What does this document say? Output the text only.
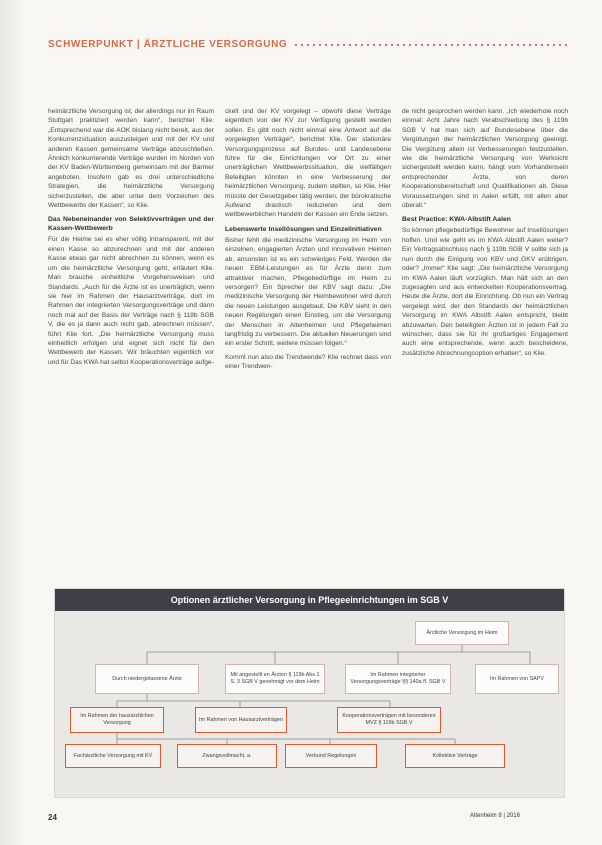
SCHWERPUNKT | ÄRZTLICHE VERSORGUNG

heimärztliche Versorgung ist, der allerdings nur im Raum Stuttgart praktiziert werden kann“, berichtet Klie. „Entsprechend war die AOK bislang nicht bereit, aus der Konkurrenzsituation auszusteigen und mit der KV und anderen Kassen gemeinsame Verträge abzuschließen. Ähnlich konkurrierende Verträge wurden im Norden von der KV Baden-Württemberg gemeinsam mit der Barmer angeboten. Insofern gab es drei unterschiedliche Strategien, die heimärztliche Versorgung sicherzustellen, die aber unter dem Vorzeichen des Wettbewerbs der Kassen“, so Klie.

Das Nebeneinander von Selektivverträgen und der Kassen-Wettbewerb

Für die Heime sei es eher völlig intransparent, mit der einen Kasse so abzurechnen und mit der anderen Kasse etwas gar nicht abrechnen zu können, wenn es um die heimärztliche Versorgung geht, erläutert Klie. Man brauche einheitliche Vorgehensweisen und Standards. „Auch für die Ärzte ist es unerträglich, wenn sie hier im Rahmen der Hausarztverträge, dort im Rahmen der integrierten Versorgungsverträge und dann noch mal auf der Basis der Verträge nach § 119b SGB V, die es ja dann auch nicht gab, abrechnen müssen“, führt Klie fort. „Die heimärztliche Versorgung muss einheitlich erfolgen und eignet sich nicht für den Wettbewerb der Kassen. Wir bräuchten eigentlich vor und für Das KWA hat selbst Kooperationsverträge aufge-

ckelt und der KV vorgelegt – obwohl diese Verträge eigentlich von der KV zur Verfügung gestellt werden sollen. Es gibt noch nicht einmal eine Antwort auf die vorgelegten Verträge!“, berichtet Klie. Der stationäre Versorgungsprozess auf Bundes- und Landesebene führe für die Einrichtungen vor Ort zu einer unerträglichen Wettbewerbssituation, die vielfältigen Beteiligten könnten in eine Verbesserung der heimärztlichen Versorgung, zudem stellten, so Klie. Hier müsste der Gesetzgeber tätig werden, der bürokratische Aufwand drastisch reduzieren und dem wettbewerblichen Handeln der Kassen ein Ende setzen.

Lebenswerte Insellösungen und Einzelinitiativen

Bisher fehlt die medizinische Versorgung im Heim von einzelnen, engagierten Ärzten und innovativen Heimen ab, ansonsten ist es ein schwieriges Feld. Werden die neuen EBM-Leistungen es für Ärzte denn zum attraktiver machen, Pflegebedürftige im Heim zu versorgen? Ein Sprecher der KBV sagt dazu: „Die medizinische Versorgung der Heimbewohner wird durch die neuen Leistungen ausgebaut. Die KBV sieht in den neuen Regelungen einen Einstieg, um die Versorgung der Menschen in Altenheimen und Pflegeheimen langfristig zu verbessern. Die aktuellen Neuerungen sind ein erster Schritt, weitere müssen folgen.“

Kommt nun also die Trendwende? Klie rechnet dass von einer Trendwen-

de nicht gesprochen werden kann. „Ich wiederhole noch einmal: Acht Jahre nach Verabschiedung des § 119b SGB V hat man sich auf Bundesebene über die Vergütungen der heimärztlichen Versorgung geeinigt. Die Vergütung allein ist Verbesserungen festzustellen, wie die heimärztliche Versorgung von Werksicht sichergestellt werden kann, hängt vom Vorhandensein entsprechender Ärzte, von deren Kooperationsbereitschaft und Qualifikationen ab. Diese Voraussetzungen sind in Aalen erfüllt, mit allen aber überall.“

Best Practice: KWA-Albstift Aalen

So können pflegebedürftige Bewohner auf Insellösungen hoffen. Und wie geht es im KWA Albstift Aalen weiter? Ein Vertragsabschluss nach § 119b SGB V sollte sich ja nun durch die Einigung von KBV und GKV erübrigen, oder? „Immer“ Klie sagt: „Die heimärztliche Versorgung im KWA Aalen läuft vorzüglich. Man hält sich an den zugesagten und aus entwickelten Kooperationsvertrag. Heute die Ärzte, dort die Einrichtung. Ob nun ein Vertrag vergelegt wird, der den Standards der heimärztlichen Versorgung im KWA Albstift Aalen entspricht, bleibt abzuwarten. Den beteiligten Ärzten ist in jedem Fall zu wünschen, dass sie für ihr großartiges Engagement auch eine entsprechende, wenn auch bescheidene, zusätzliche Abrechnungsoption erhalten“, so Klie.

Optionen ärztlicher Versorgung in Pflegeeinrichtungen im SGB V
Ärztliche Versorgung im Heim
Durch niedergelassene Ärzte
Mit angestellt en Ärzten § 119b Abs.1 S. 3 SGB V genehmigt vor dem Heim
Im Rahmen integrierter Versorgungsverträge §§ 140a ff. SGB V
Im Rahmen von SAPV
Im Rahmen der hausärztlichen Versorgung
Im Rahmen von Hausarztverträgen
Kooperationsverträgen mit besonderen MVZ § 119b SGB V
Fachärztliche Versorgung mit KV	Zwangsvollmacht, a.	Verbund Regelungen	Kollektive Verträge
24	Altenheim 8 | 2016
